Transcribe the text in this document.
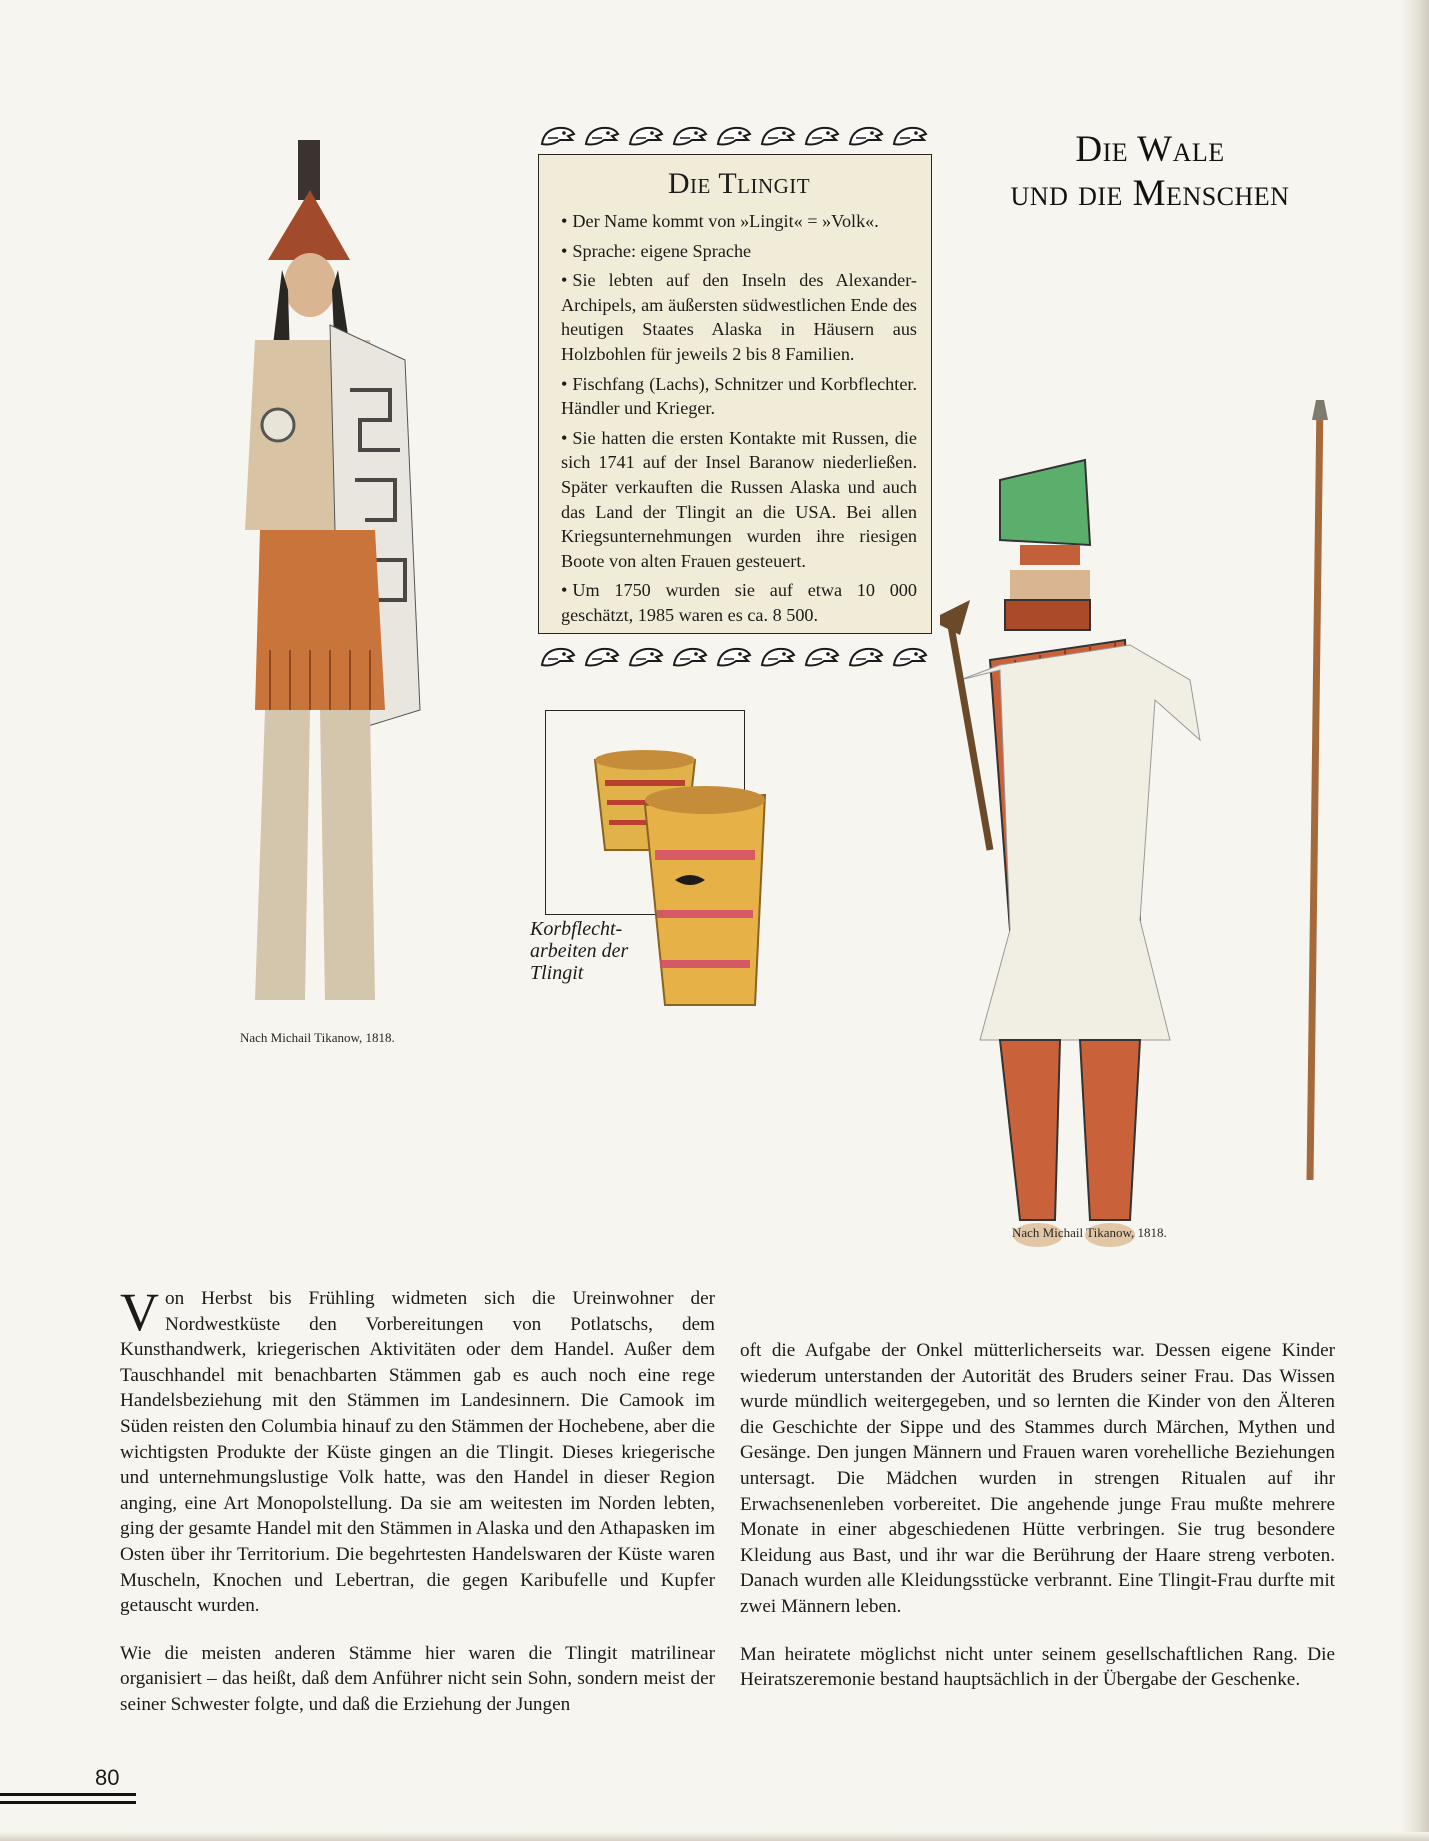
Die Wale
und die Menschen
Die Tlingit
• Der Name kommt von »Lingit« = »Volk«.
• Sprache: eigene Sprache
• Sie lebten auf den Inseln des Alexander-Archipels, am äußersten südwestlichen Ende des heutigen Staates Alaska in Häusern aus Holzbohlen für jeweils 2 bis 8 Familien.
• Fischfang (Lachs), Schnitzer und Korbflechter. Händler und Krieger.
• Sie hatten die ersten Kontakte mit Russen, die sich 1741 auf der Insel Baranow niederließen. Später verkauften die Russen Alaska und auch das Land der Tlingit an die USA. Bei allen Kriegsunternehmungen wurden ihre riesigen Boote von alten Frauen gesteuert.
• Um 1750 wurden sie auf etwa 10 000 geschätzt, 1985 waren es ca. 8 500.
Korbflecht-arbeiten der Tlingit
Nach Michail Tikanow, 1818.
Nach Michail Tikanow, 1818.

Von Herbst bis Frühling widmeten sich die Ureinwohner der Nordwestküste den Vorbereitungen von Potlatschs, dem Kunsthandwerk, kriegerischen Aktivitäten oder dem Handel. Außer dem Tauschhandel mit benachbarten Stämmen gab es auch noch eine rege Handelsbeziehung mit den Stämmen im Landesinnern. Die Camook im Süden reisten den Columbia hinauf zu den Stämmen der Hochebene, aber die wichtigsten Produkte der Küste gingen an die Tlingit. Dieses kriegerische und unternehmungslustige Volk hatte, was den Handel in dieser Region anging, eine Art Monopolstellung. Da sie am weitesten im Norden lebten, ging der gesamte Handel mit den Stämmen in Alaska und den Athapasken im Osten über ihr Territorium. Die begehrtesten Handelswaren der Küste waren Muscheln, Knochen und Lebertran, die gegen Karibufelle und Kupfer getauscht wurden.

Wie die meisten anderen Stämme hier waren die Tlingit matrilinear organisiert – das heißt, daß dem Anführer nicht sein Sohn, sondern meist der seiner Schwester folgte, und daß die Erziehung der Jungen

oft die Aufgabe der Onkel mütterlicherseits war. Dessen eigene Kinder wiederum unterstanden der Autorität des Bruders seiner Frau. Das Wissen wurde mündlich weitergegeben, und so lernten die Kinder von den Älteren die Geschichte der Sippe und des Stammes durch Märchen, Mythen und Gesänge. Den jungen Männern und Frauen waren vorehelliche Beziehungen untersagt. Die Mädchen wurden in strengen Ritualen auf ihr Erwachsenenleben vorbereitet. Die angehende junge Frau mußte mehrere Monate in einer abgeschiedenen Hütte verbringen. Sie trug besondere Kleidung aus Bast, und ihr war die Berührung der Haare streng verboten. Danach wurden alle Kleidungsstücke verbrannt. Eine Tlingit-Frau durfte mit zwei Männern leben.

Man heiratete möglichst nicht unter seinem gesellschaftlichen Rang. Die Heiratszeremonie bestand hauptsächlich in der Übergabe der Geschenke.

80
